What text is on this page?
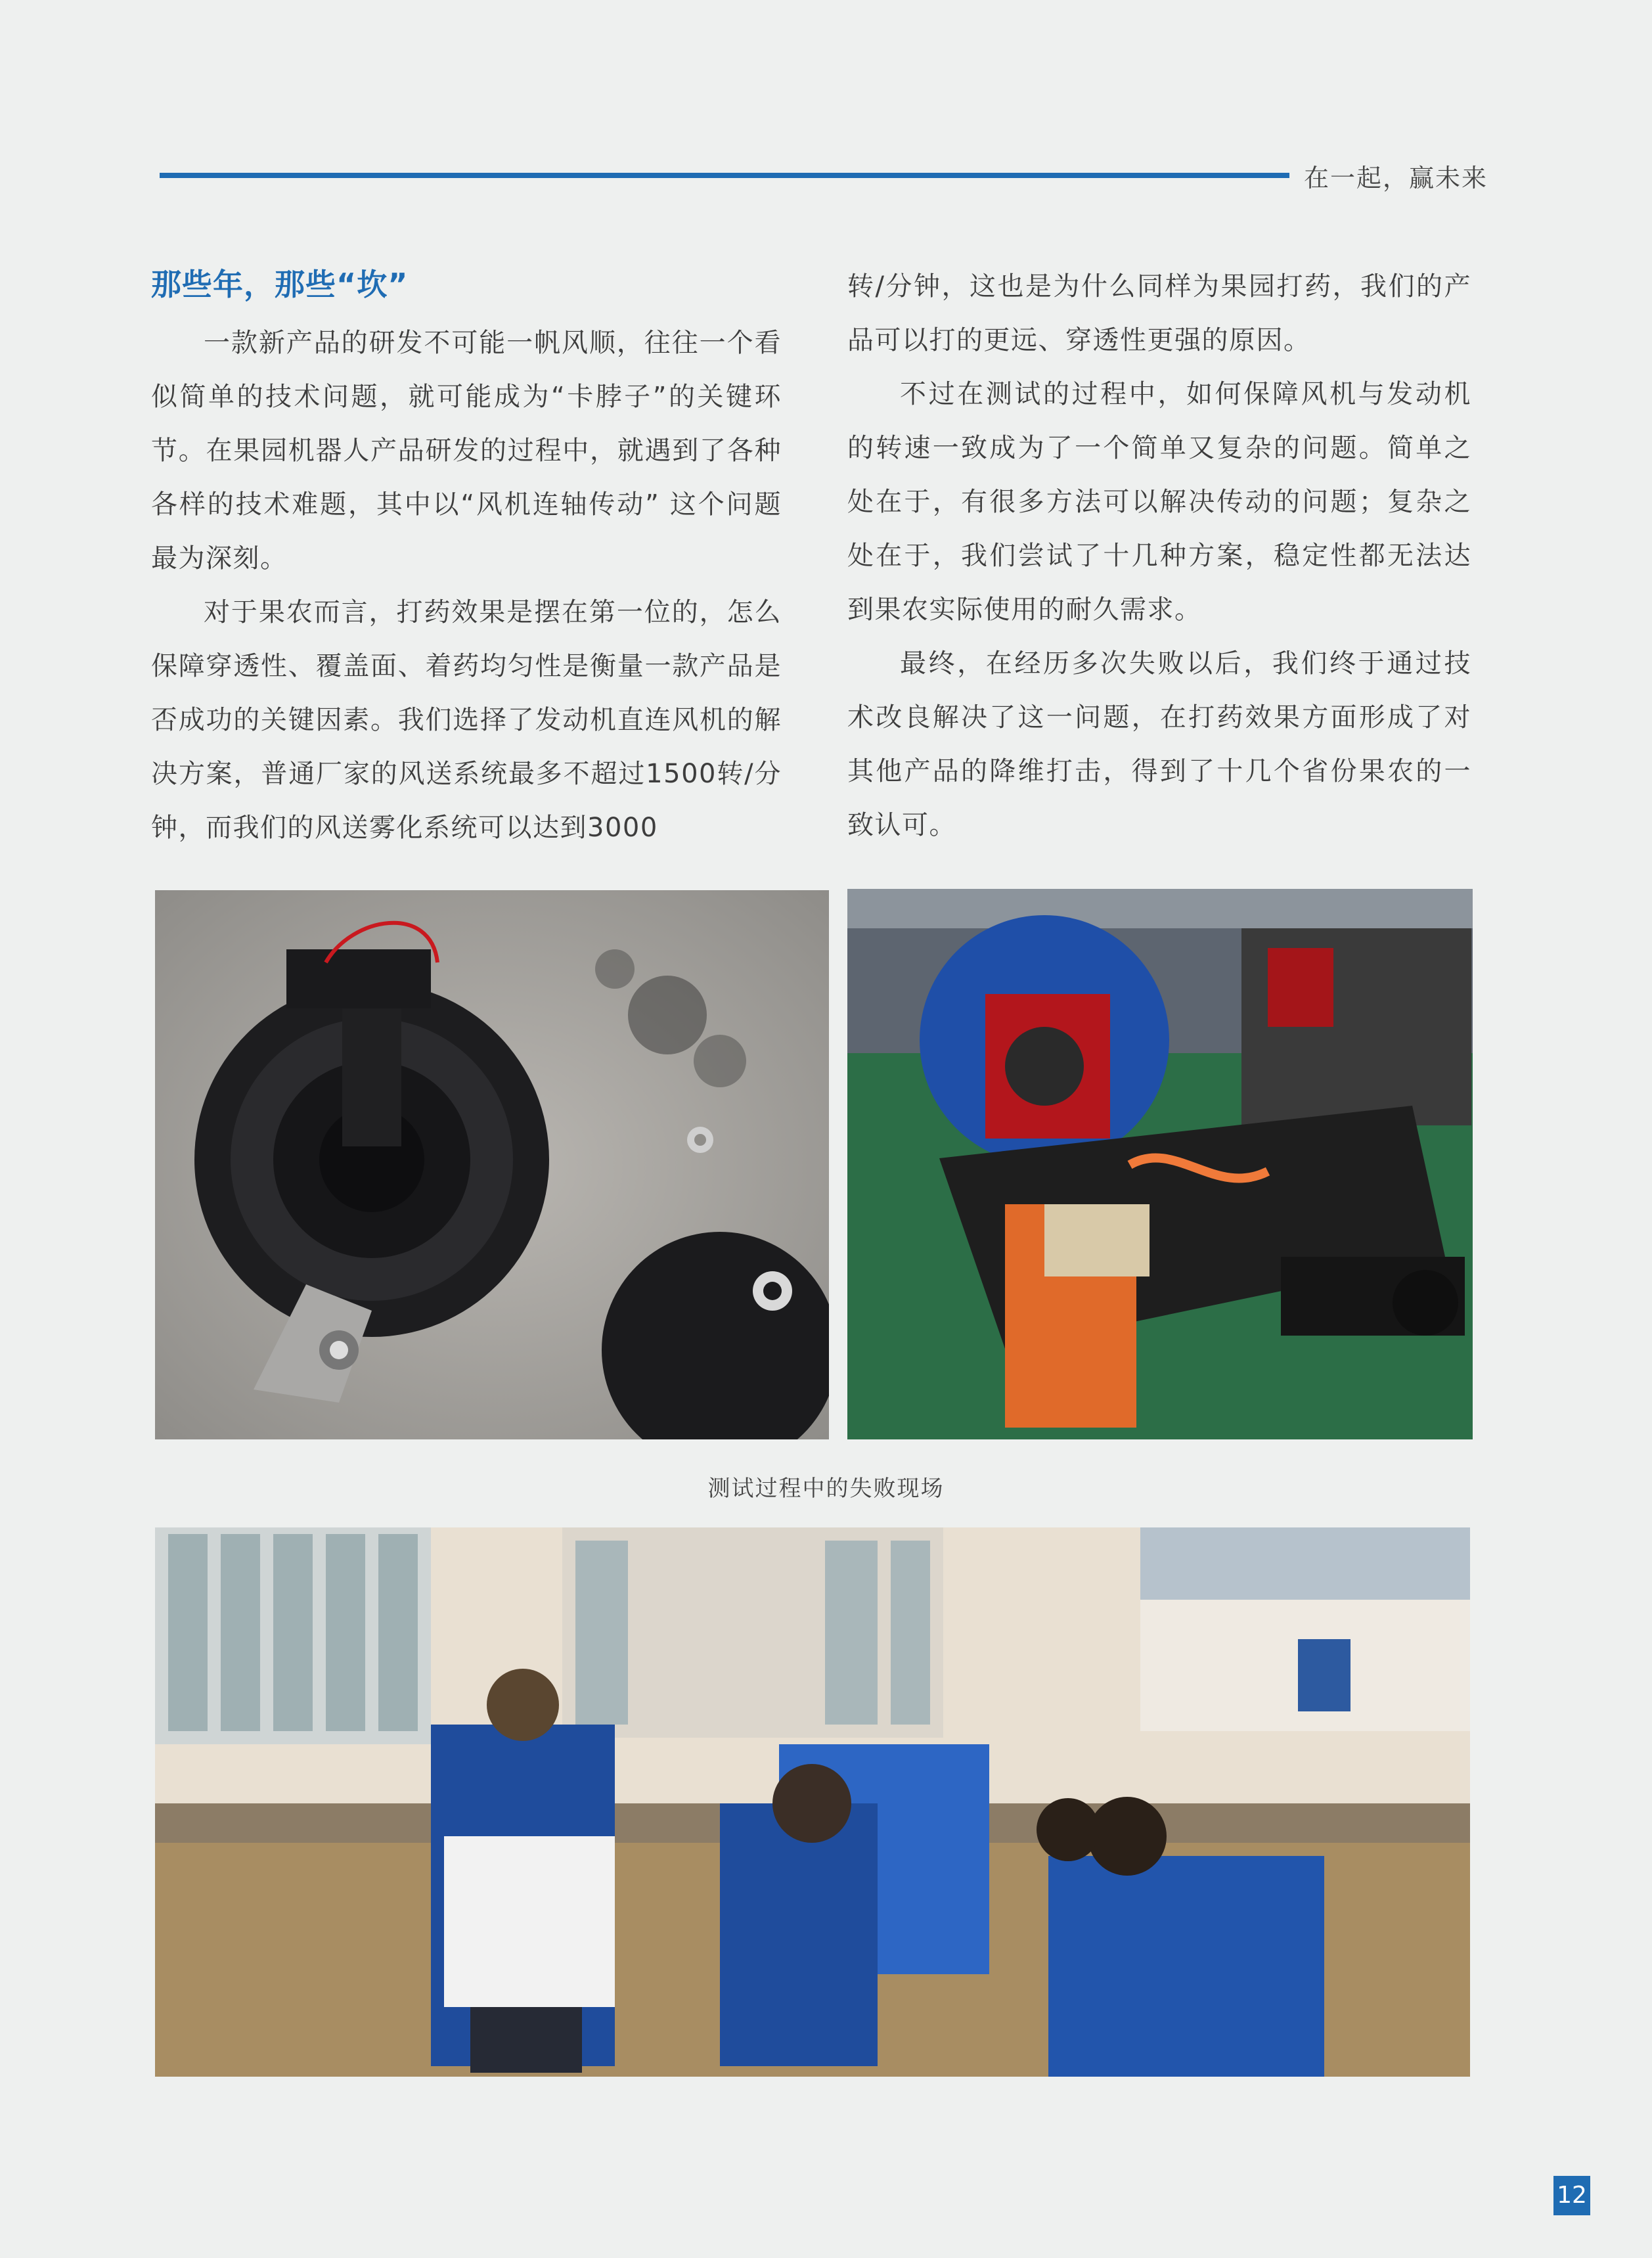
在一起，赢未来
那些年，那些“坎”

一款新产品的研发不可能一帆风顺，往往一个看似简单的技术问题，就可能成为“卡脖子”的关键环节。在果园机器人产品研发的过程中，就遇到了各种各样的技术难题，其中以“风机连轴传动” 这个问题最为深刻。

对于果农而言，打药效果是摆在第一位的，怎么保障穿透性、覆盖面、着药均匀性是衡量一款产品是否成功的关键因素。我们选择了发动机直连风机的解决方案，普通厂家的风送系统最多不超过1500转/分钟，而我们的风送雾化系统可以达到3000

转/分钟，这也是为什么同样为果园打药，我们的产品可以打的更远、穿透性更强的原因。

不过在测试的过程中，如何保障风机与发动机的转速一致成为了一个简单又复杂的问题。简单之处在于，有很多方法可以解决传动的问题；复杂之处在于，我们尝试了十几种方案，稳定性都无法达到果农实际使用的耐久需求。

最终，在经历多次失败以后，我们终于通过技术改良解决了这一问题，在打药效果方面形成了对其他产品的降维打击，得到了十几个省份果农的一致认可。

测试过程中的失败现场
12
